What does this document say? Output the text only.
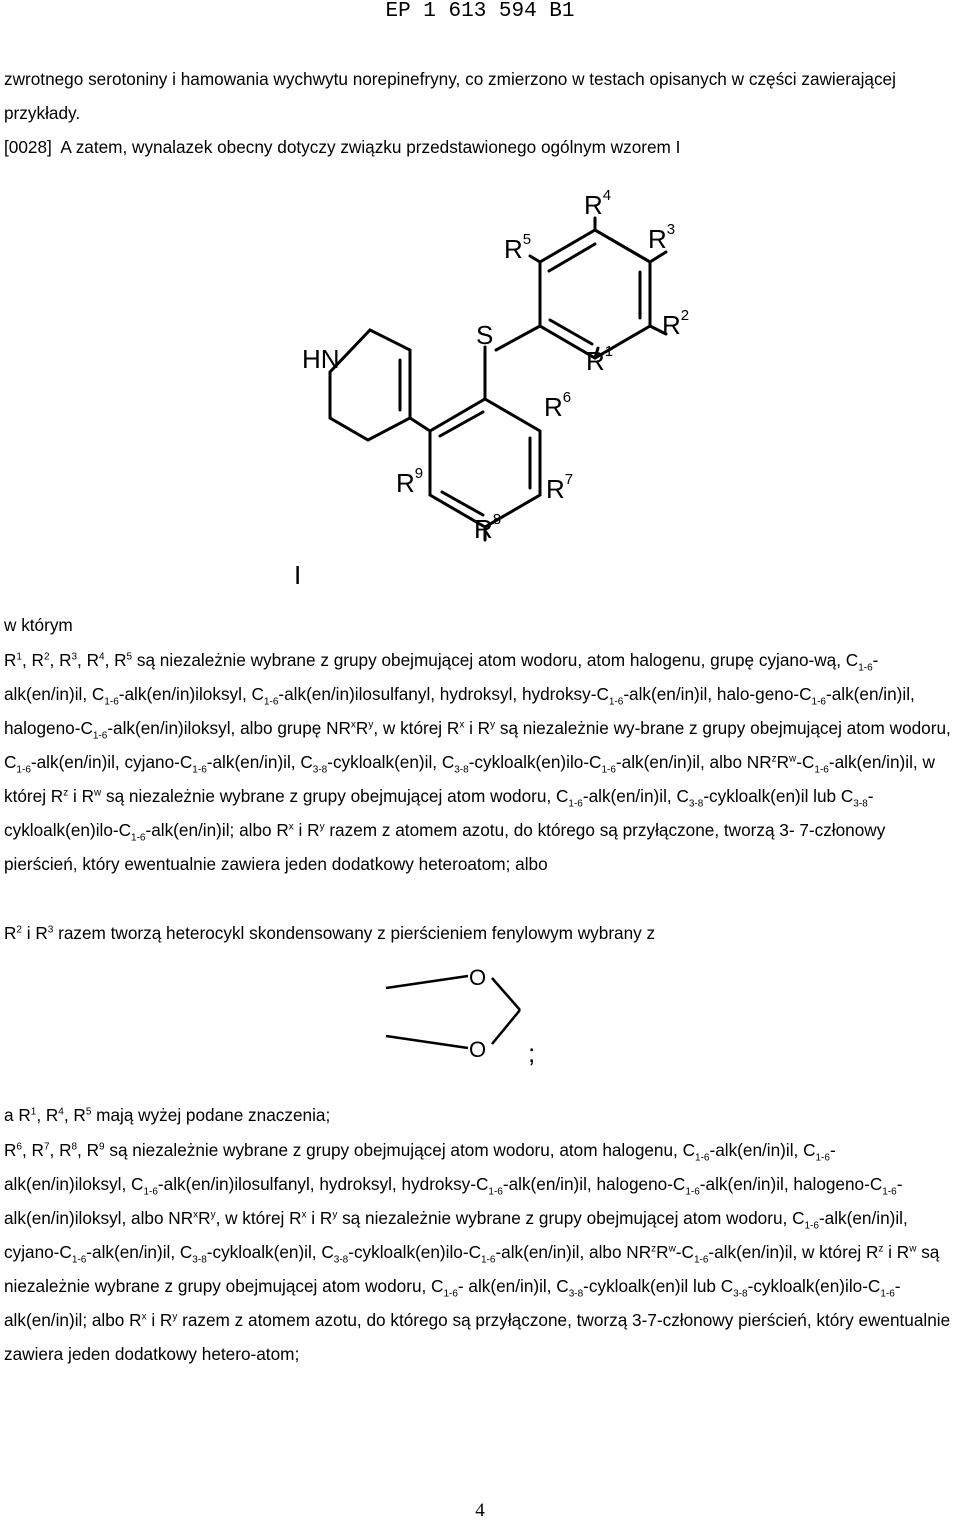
EP 1 613 594 B1
zwrotnego serotoniny i hamowania wychwytu norepinefryny, co zmierzono w testach opisanych w części zawierającej przykłady.
[0028] A zatem, wynalazek obecny dotyczy związku przedstawionego ogólnym wzorem I
HN
S
$R^4$
$R^5$	$R^3$
$R^2$
$R^1$
$R^6$
$R^7$
$R^9$
$R^8$
I
w którym
$R^1$, $R^2$, $R^3$, $R^4$, $R^5$ są niezależnie wybrane z grupy obejmującej atom wodoru, atom halogenu, grupę cyjano-wą, $C_{1-6}-alk(en/in)il$, $C_{1-6}-alk(en/in)iloksyl$, $C_{1-6}-alk(en/in)ilosulfanyl$, hydroksyl, hydroksy-$C_{1-6}-alk(en/in)il$, halo-$geno-C_{1-6}-alk(en/in)il$, halogeno-$C_{1-6}-alk(en/in)iloksyl$, albo grupę $NR^xR^y$, w której $R^x$ i $R^y$ są niezależnie wy-brane z grupy obejmującej atom wodoru, $C_{1-6}-alk(en/in)il$, cyjano-$C_{1-6}-alk(en/in)il$, $C_{3-8}-cykloalk(en)il$, $C_{3-8}-cykloalk(en)ilo-C_{1-6}-alk(en/in)il$, albo $NR^zR^w-C_{1-6}-alk(en/in)il$, w której $R^z$ i $R^w$ są niezależnie wybrane z grupy obejmującej atom wodoru, $C_{1-6}-alk(en/in)il$, $C_{3-8}-cykloalk(en)il$ lub $C_{3-8}-cykloalk(en)ilo-C_{1-6}-alk(en/in)il$; albo $R^x$ i $R^y$ razem z atomem azotu, do którego są przyłączone, tworzą 3- 7-członowy pierścień, który ewentualnie zawiera jeden dodatkowy heteroatom; albo
$R^2$ i $R^3$ razem tworzą heterocykl skondensowany z pierścieniem fenylowym wybrany z
O
O ;
a $R^1$, $R^4$, $R^5$ mają wyżej podane znaczenia;
$R^6$, $R^7$, $R^8$, $R^9$ są niezależnie wybrane z grupy obejmującej atom wodoru, atom halogenu, $C_{1-6}-alk(en/in)il$, $C_{1-6}-alk(en/in)iloksyl$, $C_{1-6}-alk(en/in)ilosulfanyl$, hydroksyl, hydroksy-$C_{1-6}-alk(en/in)il$, halogeno-$C_{1-6}-alk(en/in)il$, halogeno-$C_{1-6}-alk(en/in)iloksyl$, albo $NR^xR^y$, w której $R^x$ i $R^y$ są niezależnie wybrane z grupy obejmującej atom wodoru, $C_{1-6}-alk(en/in)il$, cyjano-$C_{1-6}-alk(en/in)il$, $C_{3-8}-cykloalk(en)il$, $C_{3-8}-cykloalk(en)ilo-C_{1-6}-alk(en/in)il$, albo $NR^zR^w-C_{1-6}-alk(en/in)il$, w której $R^z$ i $R^w$ są niezależnie wybrane z grupy obejmującej atom wodoru, $C_{1-6}-$ alk(en/in)il, $C_{3-8}-cykloalk(en)il$ lub $C_{3-8}-cykloalk(en)ilo-C_{1-6}-alk(en/in)il$; albo $R^x$ i $R^y$ razem z atomem azotu, do którego są przyłączone, tworzą 3-7-członowy pierścień, który ewentualnie zawiera jeden dodatkowy hetero-atom;
4
